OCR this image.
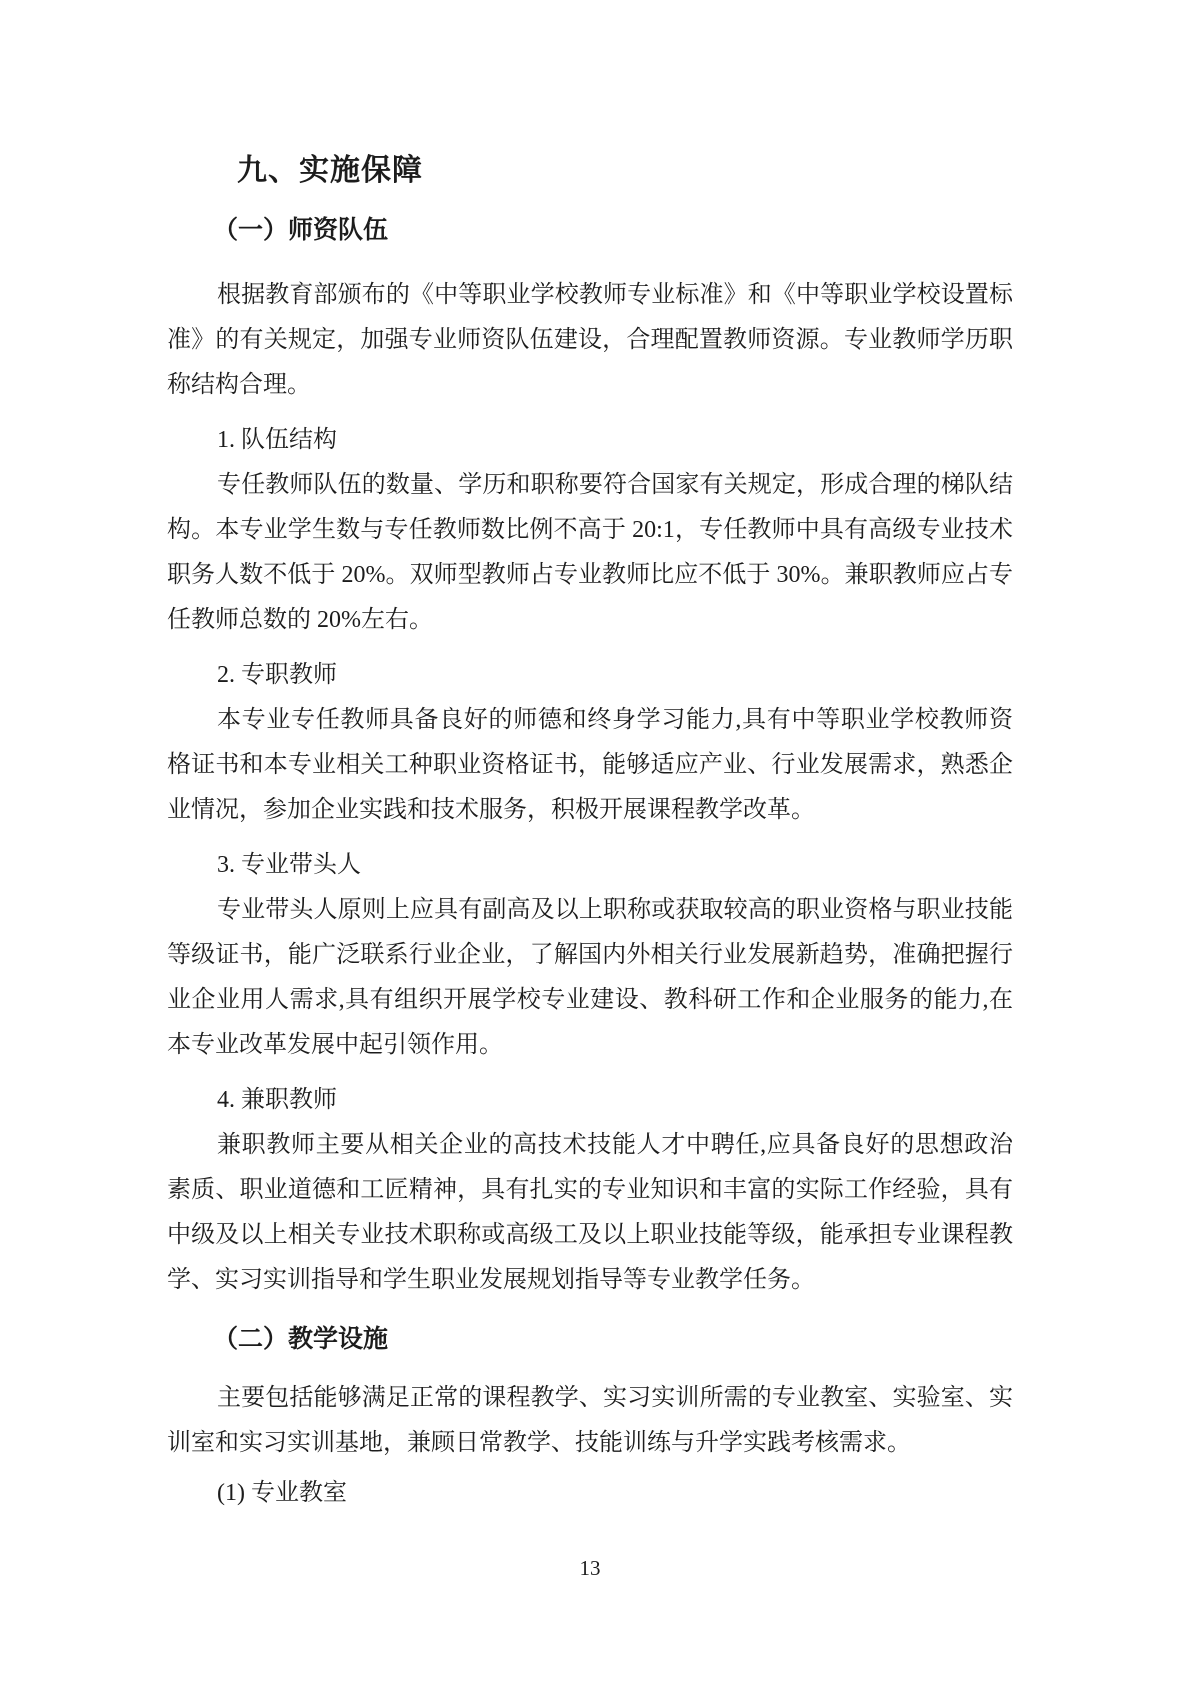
九、实施保障
（一）师资队伍

根据教育部颁布的《中等职业学校教师专业标准》和《中等职业学校设置标准》的有关规定，加强专业师资队伍建设，合理配置教师资源。专业教师学历职称结构合理。

1. 队伍结构

专任教师队伍的数量、学历和职称要符合国家有关规定，形成合理的梯队结构。本专业学生数与专任教师数比例不高于 20:1，专任教师中具有高级专业技术职务人数不低于 20%。双师型教师占专业教师比应不低于 30%。兼职教师应占专任教师总数的 20%左右。

2. 专职教师

本专业专任教师具备良好的师德和终身学习能力,具有中等职业学校教师资格证书和本专业相关工种职业资格证书，能够适应产业、行业发展需求，熟悉企业情况，参加企业实践和技术服务，积极开展课程教学改革。

3. 专业带头人

专业带头人原则上应具有副高及以上职称或获取较高的职业资格与职业技能等级证书，能广泛联系行业企业，了解国内外相关行业发展新趋势，准确把握行业企业用人需求,具有组织开展学校专业建设、教科研工作和企业服务的能力,在本专业改革发展中起引领作用。

4. 兼职教师

兼职教师主要从相关企业的高技术技能人才中聘任,应具备良好的思想政治素质、职业道德和工匠精神，具有扎实的专业知识和丰富的实际工作经验，具有中级及以上相关专业技术职称或高级工及以上职业技能等级，能承担专业课程教学、实习实训指导和学生职业发展规划指导等专业教学任务。

（二）教学设施

主要包括能够满足正常的课程教学、实习实训所需的专业教室、实验室、实训室和实习实训基地，兼顾日常教学、技能训练与升学实践考核需求。

(1) 专业教室

13
